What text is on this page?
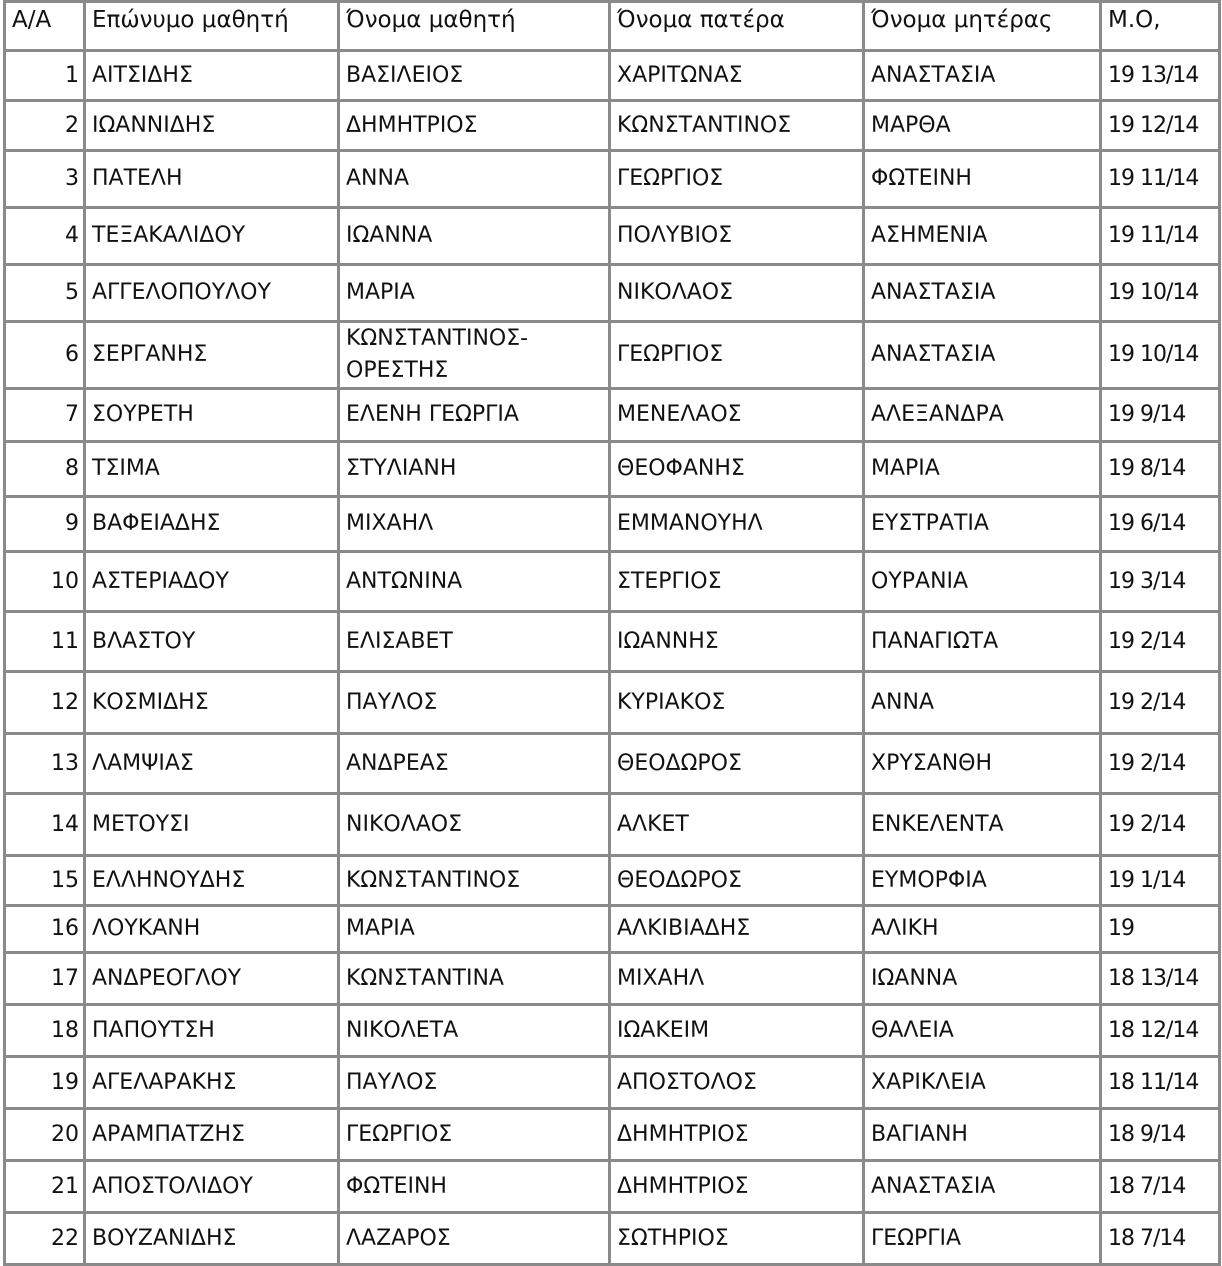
Α/Α	Επώνυμο μαθητή	Όνομα μαθητή	Όνομα πατέρα	Όνομα μητέρας	Μ.Ο,
1	ΑΙΤΣΙΔΗΣ	ΒΑΣΙΛΕΙΟΣ	ΧΑΡΙΤΩΝΑΣ	ΑΝΑΣΤΑΣΙΑ	19 13/14
2	ΙΩΑΝΝΙΔΗΣ	ΔΗΜΗΤΡΙΟΣ	ΚΩΝΣΤΑΝΤΙΝΟΣ	ΜΑΡΘΑ	19 12/14
3	ΠΑΤΕΛΗ	ΑΝΝΑ	ΓΕΩΡΓΙΟΣ	ΦΩΤΕΙΝΗ	19 11/14
4	ΤΕΞΑΚΑΛΙΔΟΥ	ΙΩΑΝΝΑ	ΠΟΛΥΒΙΟΣ	ΑΣΗΜΕΝΙΑ	19 11/14
5	ΑΓΓΕΛΟΠΟΥΛΟΥ	ΜΑΡΙΑ	ΝΙΚΟΛΑΟΣ	ΑΝΑΣΤΑΣΙΑ	19 10/14
6	ΣΕΡΓΑΝΗΣ	ΚΩΝΣΤΑΝΤΙΝΟΣ-ΟΡΕΣΤΗΣ	ΓΕΩΡΓΙΟΣ	ΑΝΑΣΤΑΣΙΑ	19 10/14
7	ΣΟΥΡΕΤΗ	ΕΛΕΝΗ ΓΕΩΡΓΙΑ	ΜΕΝΕΛΑΟΣ	ΑΛΕΞΑΝΔΡΑ	19 9/14
8	ΤΣΙΜΑ	ΣΤΥΛΙΑΝΗ	ΘΕΟΦΑΝΗΣ	ΜΑΡΙΑ	19 8/14
9	ΒΑΦΕΙΑΔΗΣ	ΜΙΧΑΗΛ	ΕΜΜΑΝΟΥΗΛ	ΕΥΣΤΡΑΤΙΑ	19 6/14
10	ΑΣΤΕΡΙΑΔΟΥ	ΑΝΤΩΝΙΝΑ	ΣΤΕΡΓΙΟΣ	ΟΥΡΑΝΙΑ	19 3/14
11	ΒΛΑΣΤΟΥ	ΕΛΙΣΑΒΕΤ	ΙΩΑΝΝΗΣ	ΠΑΝΑΓΙΩΤΑ	19 2/14
12	ΚΟΣΜΙΔΗΣ	ΠΑΥΛΟΣ	ΚΥΡΙΑΚΟΣ	ΑΝΝΑ	19 2/14
13	ΛΑΜΨΙΑΣ	ΑΝΔΡΕΑΣ	ΘΕΟΔΩΡΟΣ	ΧΡΥΣΑΝΘΗ	19 2/14
14	ΜΕΤΟΥΣΙ	ΝΙΚΟΛΑΟΣ	ΑΛΚΕΤ	ΕΝΚΕΛΕΝΤΑ	19 2/14
15	ΕΛΛΗΝΟΥΔΗΣ	ΚΩΝΣΤΑΝΤΙΝΟΣ	ΘΕΟΔΩΡΟΣ	ΕΥΜΟΡΦΙΑ	19 1/14
16	ΛΟΥΚΑΝΗ	ΜΑΡΙΑ	ΑΛΚΙΒΙΑΔΗΣ	ΑΛΙΚΗ	19
17	ΑΝΔΡΕΟΓΛΟΥ	ΚΩΝΣΤΑΝΤΙΝΑ	ΜΙΧΑΗΛ	ΙΩΑΝΝΑ	18 13/14
18	ΠΑΠΟΥΤΣΗ	ΝΙΚΟΛΕΤΑ	ΙΩΑΚΕΙΜ	ΘΑΛΕΙΑ	18 12/14
19	ΑΓΕΛΑΡΑΚΗΣ	ΠΑΥΛΟΣ	ΑΠΟΣΤΟΛΟΣ	ΧΑΡΙΚΛΕΙΑ	18 11/14
20	ΑΡΑΜΠΑΤΖΗΣ	ΓΕΩΡΓΙΟΣ	ΔΗΜΗΤΡΙΟΣ	ΒΑΓΙΑΝΗ	18 9/14
21	ΑΠΟΣΤΟΛΙΔΟΥ	ΦΩΤΕΙΝΗ	ΔΗΜΗΤΡΙΟΣ	ΑΝΑΣΤΑΣΙΑ	18 7/14
22	ΒΟΥΖΑΝΙΔΗΣ	ΛΑΖΑΡΟΣ	ΣΩΤΗΡΙΟΣ	ΓΕΩΡΓΙΑ	18 7/14
